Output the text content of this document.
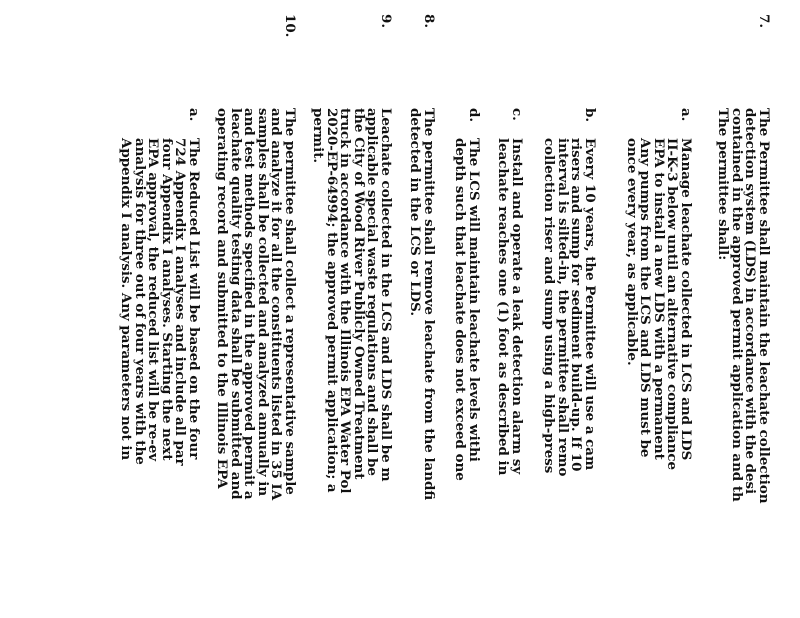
7.
The Permittee shall maintain the leachate collection
detection system (LDS) in accordance with the desi
contained in the approved permit application and th
The permittee shall:
a.
Manage leachate collected in LCS and LDS
II-K-3 below until an alternative compliance
EPA to install a new LDS with a permanent
Any pumps from the LCS and LDS must be
once every year, as applicable.
b.
Every 10 years, the Permittee will use a cam
risers and sump for sediment build-up. If 10
interval is silted-in, the permittee shall remo
collection riser and sump using a high-press
c.
Install and operate a leak detection alarm sy
leachate reaches one (1) foot as described in
d.
The LCS will maintain leachate levels withi
depth such that leachate does not exceed one
8.
The permittee shall remove leachate from the landfi
detected in the LCS or LDS.
9.
Leachate collected in the LCS and LDS shall be m
applicable special waste regulations and shall be
the City of Wood River Publicly Owned Treatment
truck in accordance with the Illinois EPA Water Pol
2020-EP-64994; the approved permit application; a
permit.
10.
The permittee shall collect a representative sample
and analyze it for all the constituents listed in 35 IA
samples shall be collected and analyzed annually in
and test methods specified in the approved permit a
leachate quality testing data shall be submitted and
operating record and submitted to the Illinois EPA
a.
The Reduced List will be based on the four
724 Appendix I analyses and include all par
four Appendix I analyses. Starting the next
EPA approval, the reduced list will be re-ev
analysis for three out of four years with the
Appendix I analysis. Any parameters not in
